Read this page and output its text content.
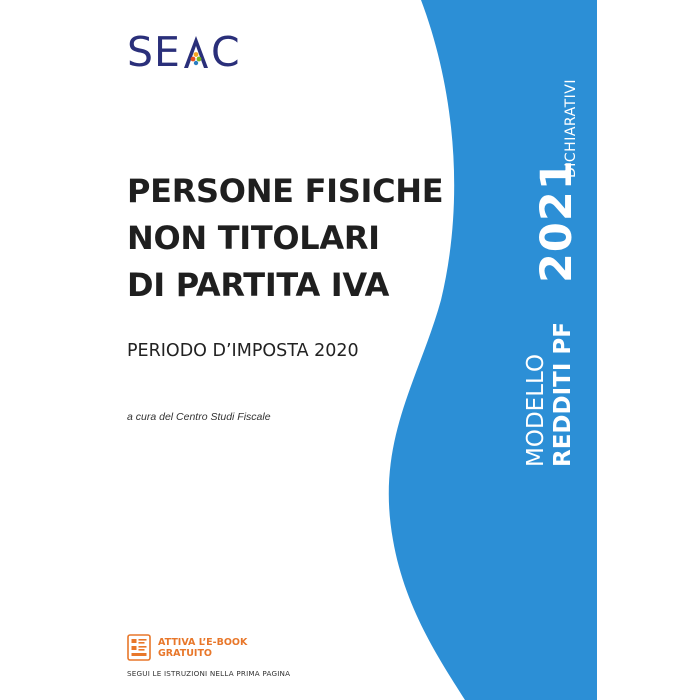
SE C
PERSONE FISICHE
NON TITOLARI
DI PARTITA IVA
PERIODO D’IMPOSTA 2020
a cura del Centro Studi Fiscale	MODELLO REDDITI PF
2021
DICHIARATIVI
ATTIVA L’E-BOOK
GRATUITO
SEGUI LE ISTRUZIONI NELLA PRIMA PAGINA
